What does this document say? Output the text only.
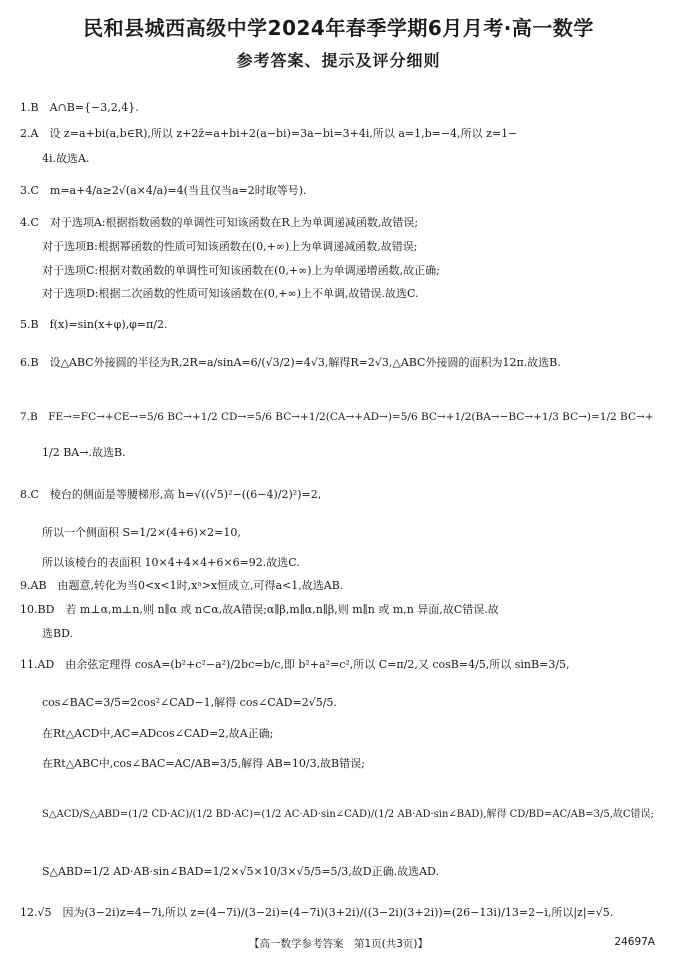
民和县城西高级中学2024年春季学期6月月考·高一数学
参考答案、提示及评分细则
1.B　A∩B={−3,2,4}.
2.A　设 z=a+bi(a,b∈R),所以 z+2z̄=a+bi+2(a−bi)=3a−bi=3+4i,所以 a=1,b=−4,所以 z=1−
4i.故选A.
3.C　m=a+4/a≥2√(a×4/a)=4(当且仅当a=2时取等号).
4.C　对于选项A:根据指数函数的单调性可知该函数在R上为单调递减函数,故错误;
对于选项B:根据幂函数的性质可知该函数在(0,+∞)上为单调递减函数,故错误;
对于选项C:根据对数函数的单调性可知该函数在(0,+∞)上为单调递增函数,故正确;
对于选项D:根据二次函数的性质可知该函数在(0,+∞)上不单调,故错误.故选C.
5.B　f(x)=sin(x+φ),φ=π/2.
6.B　设△ABC外接圆的半径为R,2R=a/sinA=6/(√3/2)=4√3,解得R=2√3,△ABC外接圆的面积为12π.故选B.
7.B　FE→=FC→+CE→=5/6 BC→+1/2 CD→=5/6 BC→+1/2(CA→+AD→)=5/6 BC→+1/2(BA→−BC→+1/3 BC→)=1/2 BC→+
1/2 BA→.故选B.
8.C　棱台的侧面是等腰梯形,高 h=√((√5)²−((6−4)/2)²)=2,
所以一个侧面积 S=1/2×(4+6)×2=10,
所以该棱台的表面积 10×4+4×4+6×6=92.故选C.
9.AB　由题意,转化为当0<x<1时,xᵃ>x恒成立,可得a<1,故选AB.
10.BD　若 m⊥α,m⊥n,则 n∥α 或 n⊂α,故A错误;α∥β,m∥α,n∥β,则 m∥n 或 m,n 异面,故C错误.故
选BD.
11.AD　由余弦定理得 cosA=(b²+c²−a²)/2bc=b/c,即 b²+a²=c²,所以 C=π/2,又 cosB=4/5,所以 sinB=3/5,
cos∠BAC=3/5=2cos²∠CAD−1,解得 cos∠CAD=2√5/5.
在Rt△ACD中,AC=ADcos∠CAD=2,故A正确;
在Rt△ABC中,cos∠BAC=AC/AB=3/5,解得 AB=10/3,故B错误;
S△ACD/S△ABD=(1/2 CD·AC)/(1/2 BD·AC)=(1/2 AC·AD·sin∠CAD)/(1/2 AB·AD·sin∠BAD),解得 CD/BD=AC/AB=3/5,故C错误;
S△ABD=1/2 AD·AB·sin∠BAD=1/2×√5×10/3×√5/5=5/3,故D正确.故选AD.
12.√5　因为(3−2i)z=4−7i,所以 z=(4−7i)/(3−2i)=(4−7i)(3+2i)/((3−2i)(3+2i))=(26−13i)/13=2−i,所以|z|=√5.
【高一数学参考答案　第1页(共3页)】	24697A
